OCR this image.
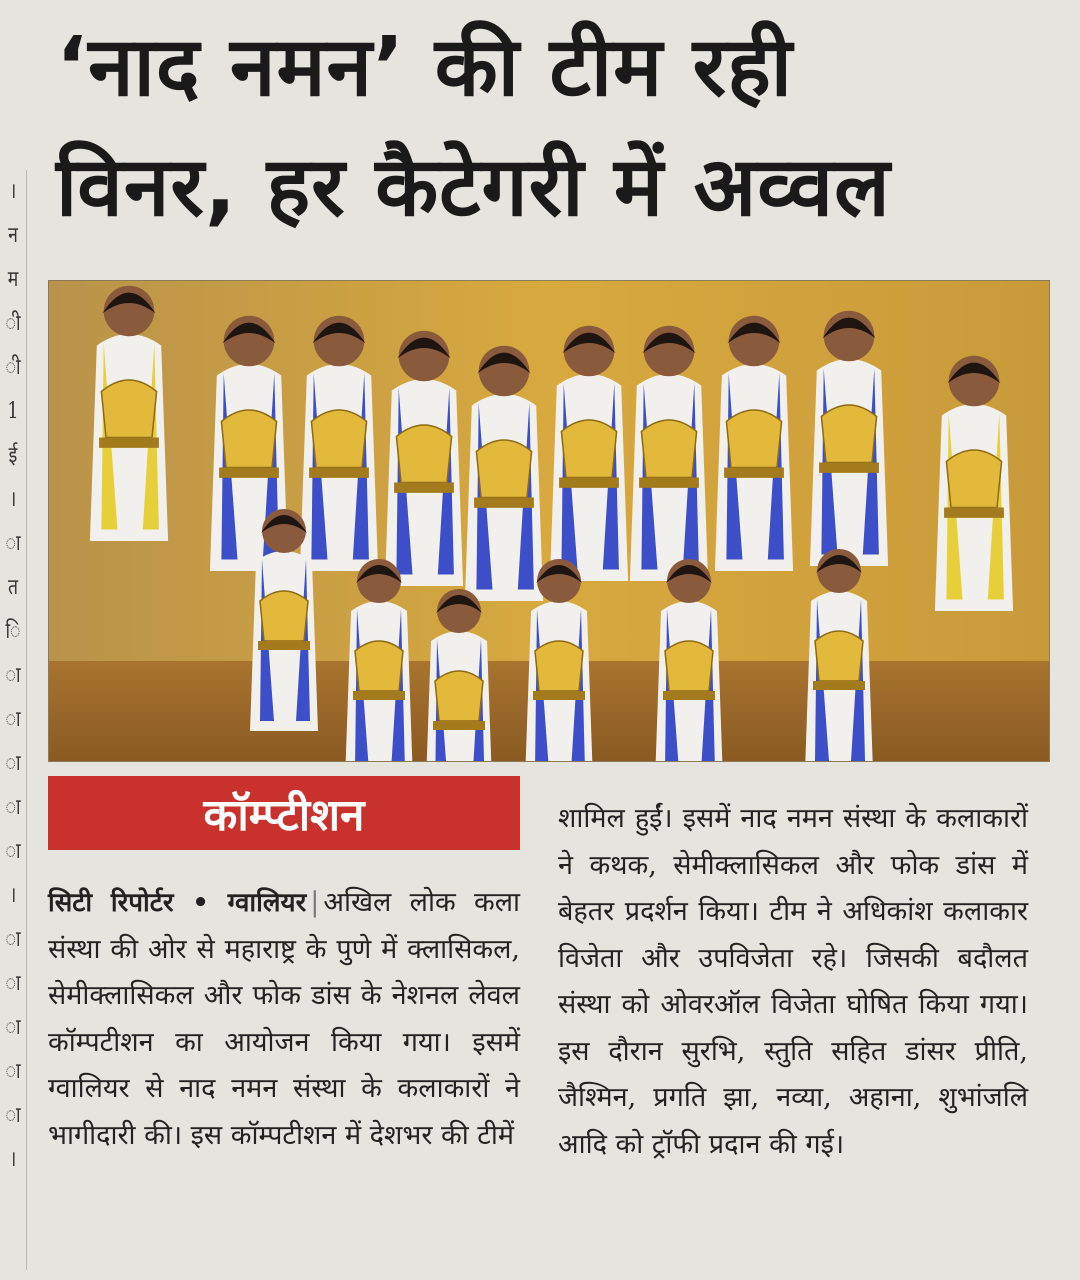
।
न
म
ी
ी
1
ई
।
ा
त
ि
ा
ा
ा
ा
ा
।
ा
ा
ा
ा
ा
।
‘नाद नमन’ की टीम रही
विनर, हर कैटेगरी में अव्वल
कॉम्प्टीशन

सिटी रिपोर्टर • ग्वालियर | अखिल लोक कला संस्था की ओर से महाराष्ट्र के पुणे में क्लासिकल, सेमीक्लासिकल और फोक डांस के नेशनल लेवल कॉम्पटीशन का आयोजन किया गया। इसमें ग्वालियर से नाद नमन संस्था के कलाकारों ने भागीदारी की। इस कॉम्पटीशन में देशभर की टीमें

शामिल हुईं। इसमें नाद नमन संस्था के कलाकारों ने कथक, सेमीक्लासिकल और फोक डांस में बेहतर प्रदर्शन किया। टीम ने अधिकांश कलाकार विजेता और उपविजेता रहे। जिसकी बदौलत संस्था को ओवरऑल विजेता घोषित किया गया। इस दौरान सुरभि, स्तुति सहित डांसर प्रीति, जैश्मिन, प्रगति झा, नव्या, अहाना, शुभांजलि आदि को ट्रॉफी प्रदान की गई।
